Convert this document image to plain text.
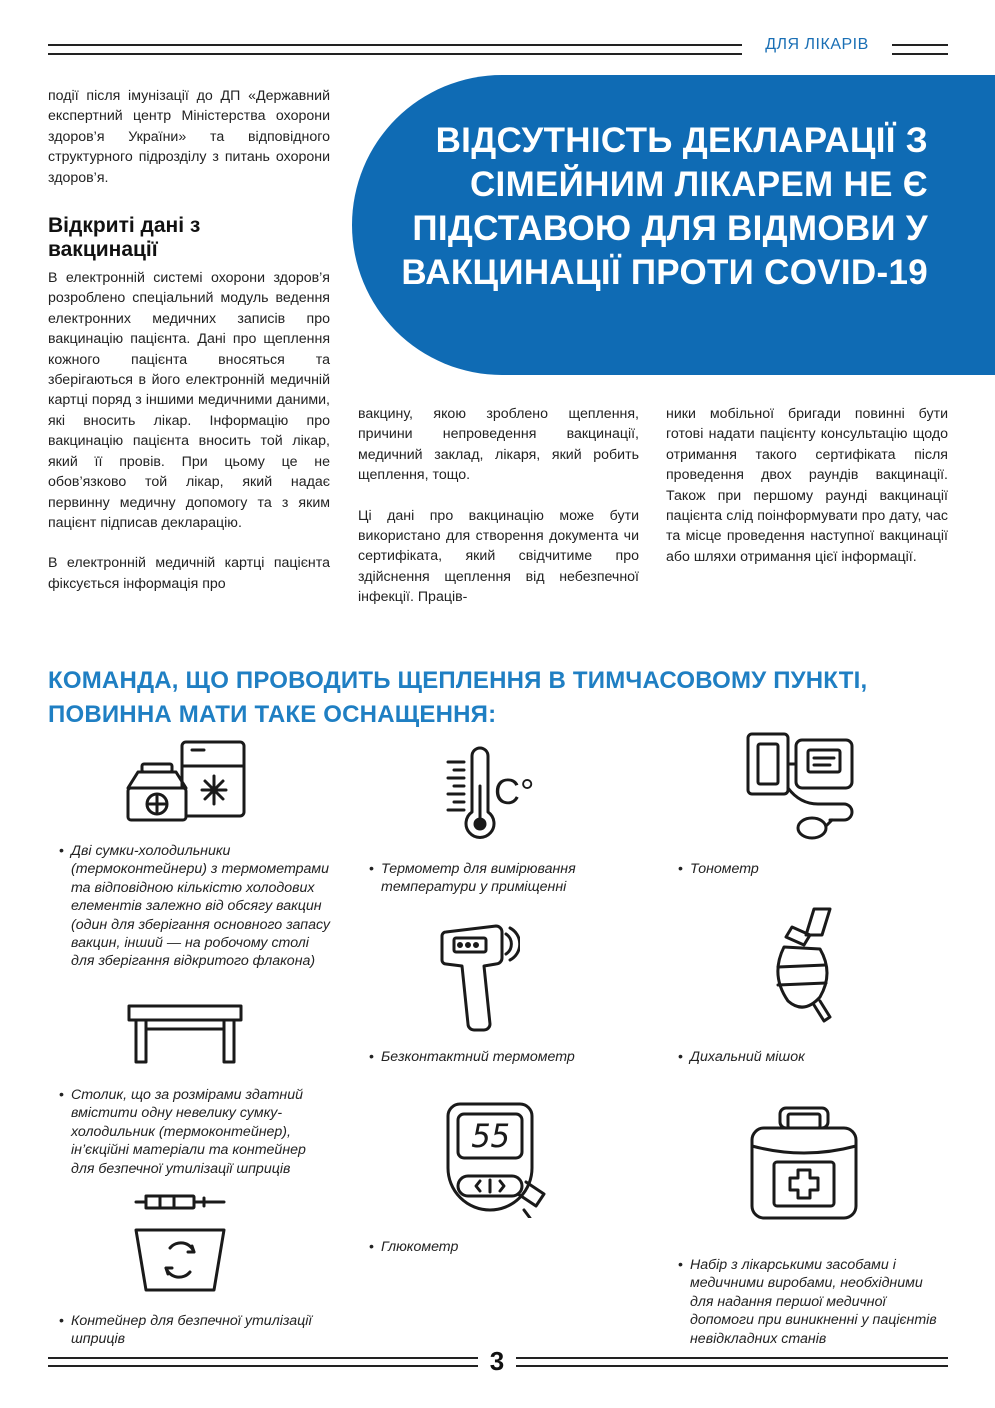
ДЛЯ ЛІКАРІВ

події після імунізації до ДП «Державний експертний центр Міністерства охорони здоров’я України» та відповідного структурного підрозділу з питань охорони здоров’я.

Відкриті дані з вакцинації

В електронній системі охорони здоров’я розроблено спеціальний модуль ведення електронних медичних записів про вакцинацію пацієнта. Дані про щеплення кожного пацієнта вносяться та зберігаються в його електронній медичній картці поряд з іншими медичними даними, які вносить лікар. Інформацію про вакцинацію пацієнта вносить той лікар, який її провів. При цьому це не обов’язково той лікар, який надає первинну медичну допомогу та з яким пацієнт підписав декларацію.

В електронній медичній картці пацієнта фіксується інформація про

ВІДСУТНІСТЬ ДЕКЛАРАЦІЇ З СІМЕЙНИМ ЛІКАРЕМ НЕ Є ПІДСТАВОЮ ДЛЯ ВІДМОВИ У ВАКЦИНАЦІЇ ПРОТИ COVID-19

вакцину, якою зроблено щеплення, причини непроведення вакцинації, медичний заклад, лікаря, який робить щеплення, тощо.

Ці дані про вакцинацію може бути використано для створення документа чи сертифіката, який свідчитиме про здійснення щеплення від небезпечної інфекції. Праців-

ники мобільної бригади повинні бути готові надати пацієнту консультацію щодо отримання такого сертифіката після проведення двох раундів вакцинації. Також при першому раунді вакцинації пацієнта слід поінформувати про дату, час та місце проведення наступної вакцинації або шляхи отримання цієї інформації.

КОМАНДА, ЩО ПРОВОДИТЬ ЩЕПЛЕННЯ В ТИМЧАСОВОМУ ПУНКТІ,
ПОВИННА МАТИ ТАКЕ ОСНАЩЕННЯ:
• Дві сумки-холодильники (термоконтейнери) з термометрами та відповідною кількістю холодових елементів залежно від обсягу вакцин (один для зберігання основного запасу вакцин, інший — на робочому столі для зберігання відкритого флакона)
• Столик, що за розмірами здатний вмістити одну невелику сумку-холодильник (термоконтейнер), ін’єкційні матеріали та контейнер для безпечної утилізації шприців
• Контейнер для безпечної утилізації шприців
C°
55
• Термометр для вимірювання температури у приміщенні
• Безконтактний термометр
• Глюкометр
• Тонометр
• Дихальний мішок
• Набір з лікарськими засобами і медичними виробами, необхідними для надання першої медичної допомоги при виникненні у пацієнтів невідкладних станів
3
